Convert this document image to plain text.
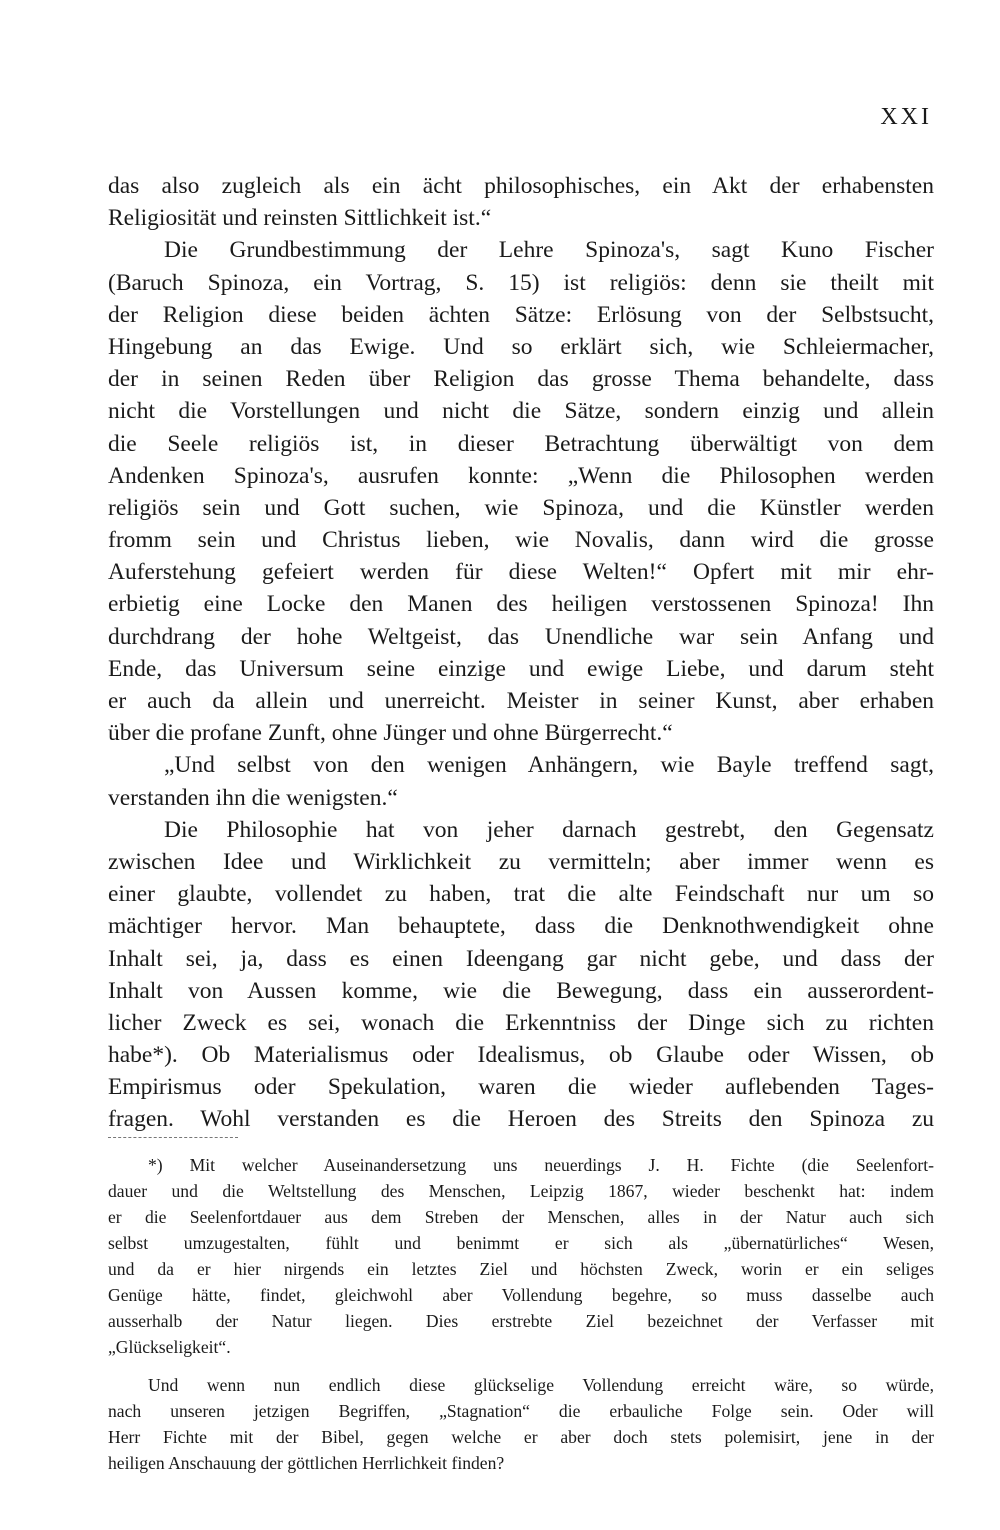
XXI
das also zugleich als ein ächt philosophisches, ein Akt der erhabensten
Religiosität und reinsten Sittlichkeit ist.“
Die Grundbestimmung der Lehre Spinoza's, sagt Kuno Fischer
(Baruch Spinoza, ein Vortrag, S. 15) ist religiös: denn sie theilt mit
der Religion diese beiden ächten Sätze: Erlösung von der Selbstsucht,
Hingebung an das Ewige. Und so erklärt sich, wie Schleiermacher,
der in seinen Reden über Religion das grosse Thema behandelte, dass
nicht die Vorstellungen und nicht die Sätze, sondern einzig und allein
die Seele religiös ist, in dieser Betrachtung überwältigt von dem
Andenken Spinoza's, ausrufen konnte: „Wenn die Philosophen werden
religiös sein und Gott suchen, wie Spinoza, und die Künstler werden
fromm sein und Christus lieben, wie Novalis, dann wird die grosse
Auferstehung gefeiert werden für diese Welten!“ Opfert mit mir ehr-
erbietig eine Locke den Manen des heiligen verstossenen Spinoza! Ihn
durchdrang der hohe Weltgeist, das Unendliche war sein Anfang und
Ende, das Universum seine einzige und ewige Liebe, und darum steht
er auch da allein und unerreicht. Meister in seiner Kunst, aber erhaben
über die profane Zunft, ohne Jünger und ohne Bürgerrecht.“
„Und selbst von den wenigen Anhängern, wie Bayle treffend sagt,
verstanden ihn die wenigsten.“
Die Philosophie hat von jeher darnach gestrebt, den Gegensatz
zwischen Idee und Wirklichkeit zu vermitteln; aber immer wenn es
einer glaubte, vollendet zu haben, trat die alte Feindschaft nur um so
mächtiger hervor. Man behauptete, dass die Denknothwendigkeit ohne
Inhalt sei, ja, dass es einen Ideengang gar nicht gebe, und dass der
Inhalt von Aussen komme, wie die Bewegung, dass ein ausserordent-
licher Zweck es sei, wonach die Erkenntniss der Dinge sich zu richten
habe*). Ob Materialismus oder Idealismus, ob Glaube oder Wissen, ob
Empirismus oder Spekulation, waren die wieder auflebenden Tages-
fragen. Wohl verstanden es die Heroen des Streits den Spinoza zu
*) Mit welcher Auseinandersetzung uns neuerdings J. H. Fichte (die Seelenfort-
dauer und die Weltstellung des Menschen, Leipzig 1867, wieder beschenkt hat: indem
er die Seelenfortdauer aus dem Streben der Menschen, alles in der Natur auch sich
selbst umzugestalten, fühlt und benimmt er sich als „übernatürliches“ Wesen,
und da er hier nirgends ein letztes Ziel und höchsten Zweck, worin er ein seliges
Genüge hätte, findet, gleichwohl aber Vollendung begehre, so muss dasselbe auch
ausserhalb der Natur liegen. Dies erstrebte Ziel bezeichnet der Verfasser mit
„Glückseligkeit“.
Und wenn nun endlich diese glückselige Vollendung erreicht wäre, so würde,
nach unseren jetzigen Begriffen, „Stagnation“ die erbauliche Folge sein. Oder will
Herr Fichte mit der Bibel, gegen welche er aber doch stets polemisirt, jene in der
heiligen Anschauung der göttlichen Herrlichkeit finden?
